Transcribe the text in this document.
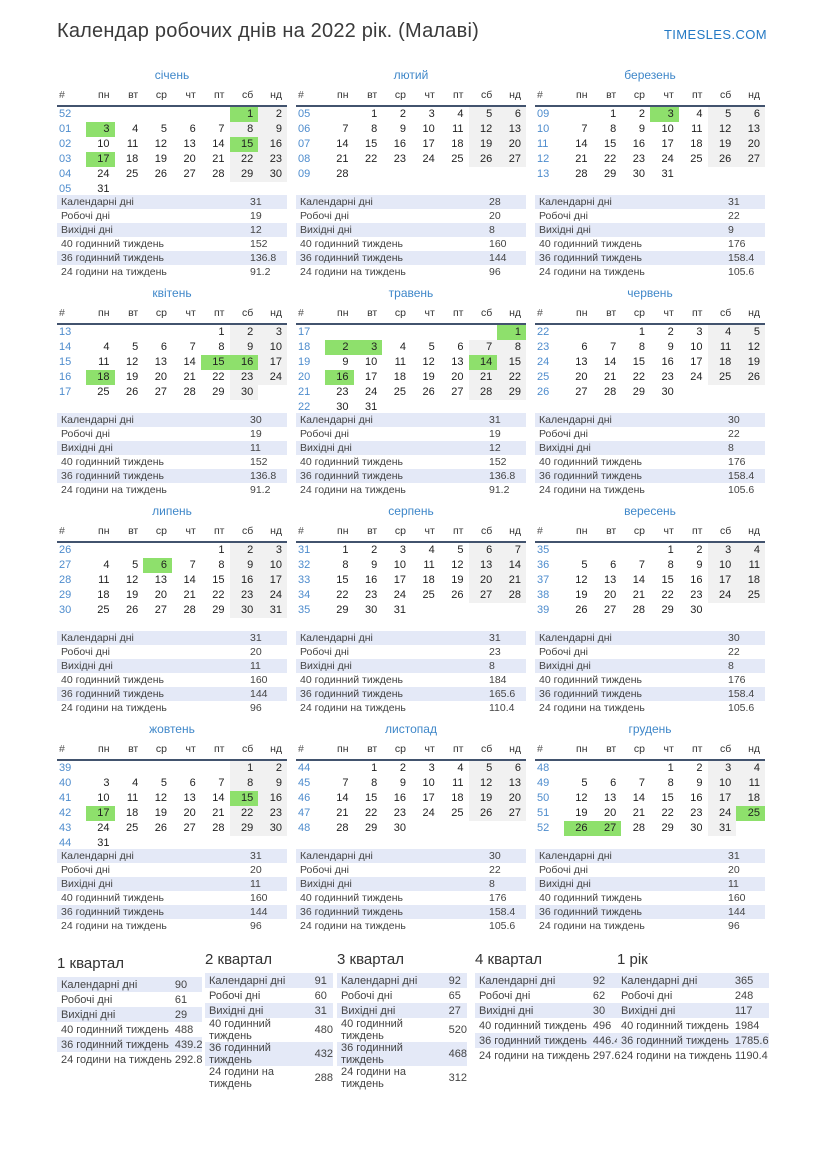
Календар робочих днів на 2022 рік. (Малаві)	TIMESLES.COM
січень
#	пн	вт	ср	чт	пт	сб	нд
52						1	2
01	3	4	5	6	7	8	9
02	10	11	12	13	14	15	16
03	17	18	19	20	21	22	23
04	24	25	26	27	28	29	30
05	31						
Календарні дні	31
Робочі дні	19
Вихідні дні	12
40 годинний тиждень	152
36 годинний тиждень	136.8
24 години на тиждень	91.2
лютий
#	пн	вт	ср	чт	пт	сб	нд
05		1	2	3	4	5	6
06	7	8	9	10	11	12	13
07	14	15	16	17	18	19	20
08	21	22	23	24	25	26	27
09	28						
Календарні дні	28
Робочі дні	20
Вихідні дні	8
40 годинний тиждень	160
36 годинний тиждень	144
24 години на тиждень	96
березень
#	пн	вт	ср	чт	пт	сб	нд
09		1	2	3	4	5	6
10	7	8	9	10	11	12	13
11	14	15	16	17	18	19	20
12	21	22	23	24	25	26	27
13	28	29	30	31			
Календарні дні	31
Робочі дні	22
Вихідні дні	9
40 годинний тиждень	176
36 годинний тиждень	158.4
24 години на тиждень	105.6
квітень
#	пн	вт	ср	чт	пт	сб	нд
13					1	2	3
14	4	5	6	7	8	9	10
15	11	12	13	14	15	16	17
16	18	19	20	21	22	23	24
17	25	26	27	28	29	30	
Календарні дні	30
Робочі дні	19
Вихідні дні	11
40 годинний тиждень	152
36 годинний тиждень	136.8
24 години на тиждень	91.2
травень
#	пн	вт	ср	чт	пт	сб	нд
17							1
18	2	3	4	5	6	7	8
19	9	10	11	12	13	14	15
20	16	17	18	19	20	21	22
21	23	24	25	26	27	28	29
22	30	31					
Календарні дні	31
Робочі дні	19
Вихідні дні	12
40 годинний тиждень	152
36 годинний тиждень	136.8
24 години на тиждень	91.2
червень
#	пн	вт	ср	чт	пт	сб	нд
22			1	2	3	4	5
23	6	7	8	9	10	11	12
24	13	14	15	16	17	18	19
25	20	21	22	23	24	25	26
26	27	28	29	30			
Календарні дні	30
Робочі дні	22
Вихідні дні	8
40 годинний тиждень	176
36 годинний тиждень	158.4
24 години на тиждень	105.6
липень
#	пн	вт	ср	чт	пт	сб	нд
26					1	2	3
27	4	5	6	7	8	9	10
28	11	12	13	14	15	16	17
29	18	19	20	21	22	23	24
30	25	26	27	28	29	30	31
Календарні дні	31
Робочі дні	20
Вихідні дні	11
40 годинний тиждень	160
36 годинний тиждень	144
24 години на тиждень	96
серпень
#	пн	вт	ср	чт	пт	сб	нд
31	1	2	3	4	5	6	7
32	8	9	10	11	12	13	14
33	15	16	17	18	19	20	21
34	22	23	24	25	26	27	28
35	29	30	31				
Календарні дні	31
Робочі дні	23
Вихідні дні	8
40 годинний тиждень	184
36 годинний тиждень	165.6
24 години на тиждень	110.4
вересень
#	пн	вт	ср	чт	пт	сб	нд
35				1	2	3	4
36	5	6	7	8	9	10	11
37	12	13	14	15	16	17	18
38	19	20	21	22	23	24	25
39	26	27	28	29	30		
Календарні дні	30
Робочі дні	22
Вихідні дні	8
40 годинний тиждень	176
36 годинний тиждень	158.4
24 години на тиждень	105.6
жовтень
#	пн	вт	ср	чт	пт	сб	нд
39						1	2
40	3	4	5	6	7	8	9
41	10	11	12	13	14	15	16
42	17	18	19	20	21	22	23
43	24	25	26	27	28	29	30
44	31						
Календарні дні	31
Робочі дні	20
Вихідні дні	11
40 годинний тиждень	160
36 годинний тиждень	144
24 години на тиждень	96
листопад
#	пн	вт	ср	чт	пт	сб	нд
44		1	2	3	4	5	6
45	7	8	9	10	11	12	13
46	14	15	16	17	18	19	20
47	21	22	23	24	25	26	27
48	28	29	30				
Календарні дні	30
Робочі дні	22
Вихідні дні	8
40 годинний тиждень	176
36 годинний тиждень	158.4
24 години на тиждень	105.6
грудень
#	пн	вт	ср	чт	пт	сб	нд
48				1	2	3	4
49	5	6	7	8	9	10	11
50	12	13	14	15	16	17	18
51	19	20	21	22	23	24	25
52	26	27	28	29	30	31	
Календарні дні	31
Робочі дні	20
Вихідні дні	11
40 годинний тиждень	160
36 годинний тиждень	144
24 години на тиждень	96
1 квартал
Календарні дні	90
Робочі дні	61
Вихідні дні	29
40 годинний тиждень	488
36 годинний тиждень	439.2
24 години на тиждень	292.8
2 квартал
Календарні дні	91
Робочі дні	60
Вихідні дні	31
40 годинний тиждень	480
36 годинний тиждень	432
24 години на тиждень	288
3 квартал
Календарні дні	92
Робочі дні	65
Вихідні дні	27
40 годинний тиждень	520
36 годинний тиждень	468
24 години на тиждень	312
4 квартал
Календарні дні	92
Робочі дні	62
Вихідні дні	30
40 годинний тиждень	496
36 годинний тиждень	446.4
24 години на тиждень	297.6
1 рік
Календарні дні	365
Робочі дні	248
Вихідні дні	117
40 годинний тиждень	1984
36 годинний тиждень	1785.6
24 години на тиждень	1190.4
